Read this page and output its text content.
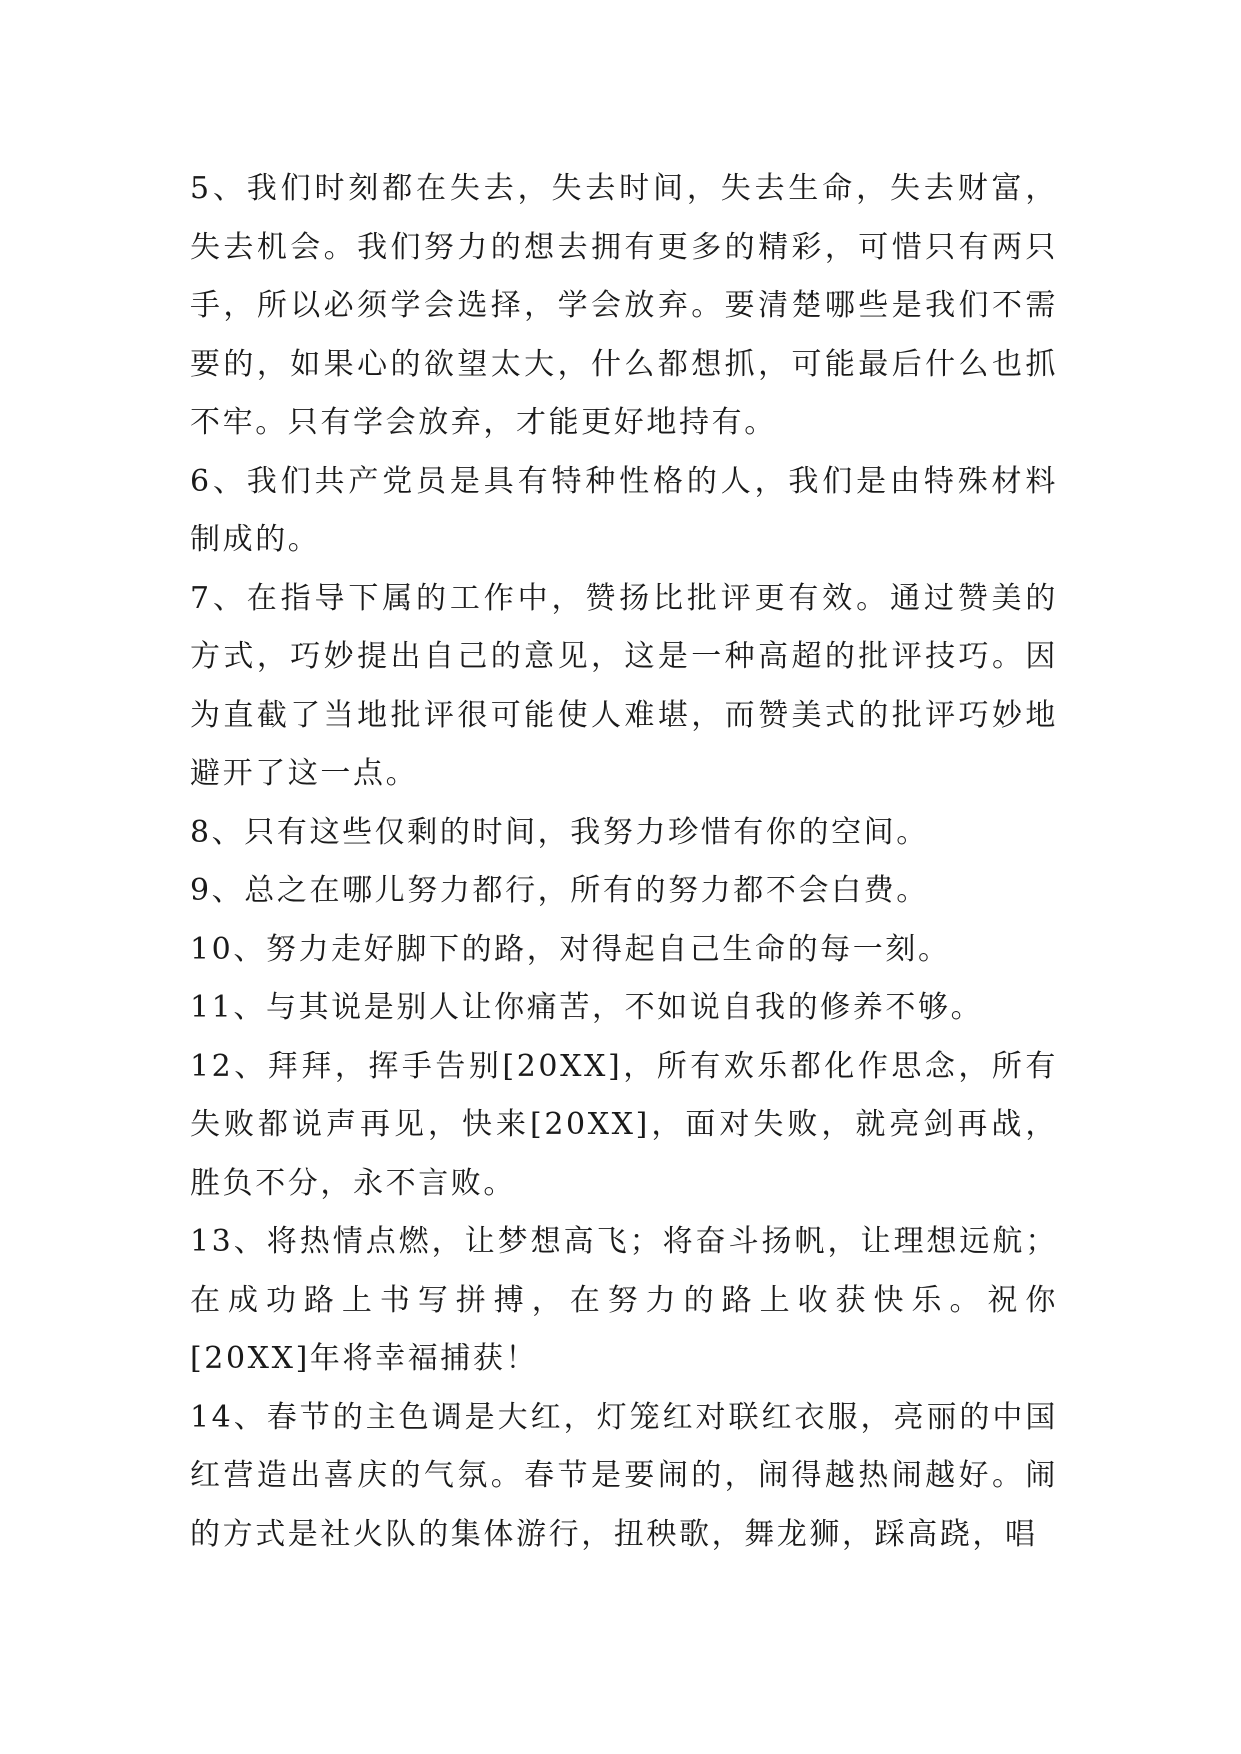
5、我们时刻都在失去，失去时间，失去生命，失去财富，失去机会。我们努力的想去拥有更多的精彩，可惜只有两只手，所以必须学会选择，学会放弃。要清楚哪些是我们不需要的，如果心的欲望太大，什么都想抓，可能最后什么也抓不牢。只有学会放弃，才能更好地持有。

6、我们共产党员是具有特种性格的人，我们是由特殊材料制成的。

7、在指导下属的工作中，赞扬比批评更有效。通过赞美的方式，巧妙提出自己的意见，这是一种高超的批评技巧。因为直截了当地批评很可能使人难堪，而赞美式的批评巧妙地避开了这一点。

8、只有这些仅剩的时间，我努力珍惜有你的空间。

9、总之在哪儿努力都行，所有的努力都不会白费。

10、努力走好脚下的路，对得起自己生命的每一刻。

11、与其说是别人让你痛苦，不如说自我的修养不够。

12、拜拜，挥手告别[20XX]，所有欢乐都化作思念，所有失败都说声再见，快来[20XX]，面对失败，就亮剑再战，胜负不分，永不言败。

13、将热情点燃，让梦想高飞；将奋斗扬帆，让理想远航；在成功路上书写拼搏，在努力的路上收获快乐。祝你[20XX]年将幸福捕获！

14、春节的主色调是大红，灯笼红对联红衣服，亮丽的中国红营造出喜庆的气氛。春节是要闹的，闹得越热闹越好。闹的方式是社火队的集体游行，扭秧歌，舞龙狮，踩高跷，唱
